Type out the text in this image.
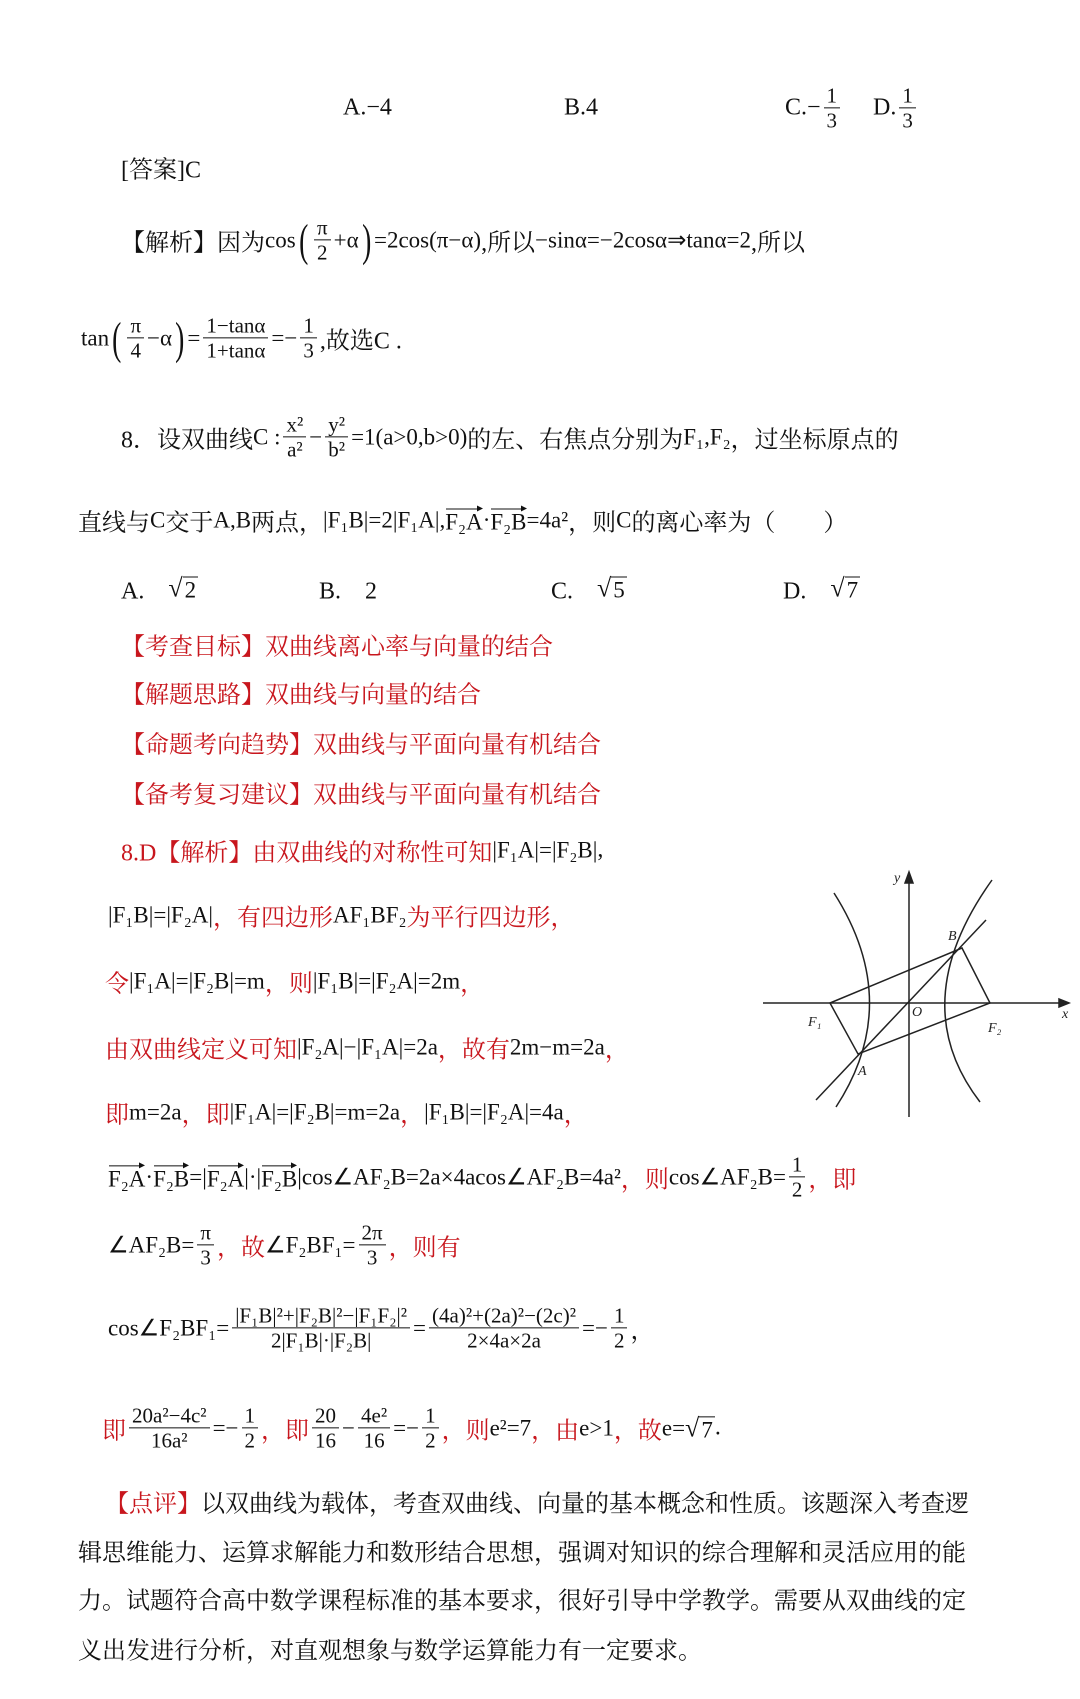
A.−4	B.4	$C.- \frac{1}{3} D$. $\frac{1}{3}$
[答案]C
【解析】因为 cos ( $\frac{\pi}{2} +\alpha$ ) =2cos(π−α) ,所以 −sinα=−2cosα⇒tanα=2 ,所以
tan ( $\frac{\pi}{4} -\alpha$ ) = $\frac{1-\tan\alpha}{1+\tan\alpha} =- \frac{1}{3}$ ,故选C .
8．设双曲线 C : $\frac{\text{x²}}{\text{a²}} - \frac{\text{y²}}{\text{b²}} =1(a>0,b>0)$ 的左、右焦点分别为 F₁,F₂ ，过坐标原点的
直线与 C 交于 A,B 两点， |F₁B|=2|F₁A|, F₂A · F₂B =4a² ，则 C 的离心率为（　　）
A.　 √ 2	B.　2	C.　 √ 5	D.　 √ 7
【考查目标】双曲线离心率与向量的结合
【解题思路】双曲线与向量的结合
【命题考向趋势】双曲线与平面向量有机结合
【备考复习建议】双曲线与平面向量有机结合
8.D【解析】由双曲线的对称性可知 |F₁A|=|F₂B| ,
|F₁B|=|F₂A| ，有四边形 AF₁BF₂ 为平行四边形，
令 |F₁A|=|F₂B|=m ，则 |F₁B|=|F₂A|=2m ，
由双曲线定义可知 |F₂A|−|F₁A|=2a ，故有 2m−m=2a ，
即 m=2a ，即 |F₁A|=|F₂B|=m=2a ， |F₁B|=|F₂A|=4a ，
F₂A · F₂B =| F₂A |·| F₂B |cos∠AF₂B=2a×4acos∠AF₂B=4a² ，则 cos∠AF₂B= $\frac{1}{2}$ ，即
∠AF₂B= $\frac{\pi}{3}$ ，故 ∠F₂BF₁= $\frac{2\pi}{3}$ ，则有
cos∠F₂BF₁= $\frac{\text{|F₁B|²+|F₂B|²−|F₁F₂|²}}{\text{2|F₁B|·|F₂B|}} = \frac{\text{(4a)²+(2a)²−(2c)²}}{2\times 4a\times 2a} =- \frac{1}{2}$ ，
即 $\frac{\text{20a²−4c²}}{\text{16a²}} =- \frac{1}{2}$ ，即 $\frac{20}{16} - \frac{\text{4e²}}{16} =- \frac{1}{2}$ ，则 e²=7 ，由 e>1 ，故 e= √ 7 .
【点评】以双曲线为载体，考查双曲线、向量的基本概念和性质。该题深入考查逻
辑思维能力、运算求解能力和数形结合思想，强调对知识的综合理解和灵活应用的能
力。试题符合高中数学课程标准的基本要求，很好引导中学教学。需要从双曲线的定
义出发进行分析，对直观想象与数学运算能力有一定要求。
y
x
O
F₁	F₂
A
B
